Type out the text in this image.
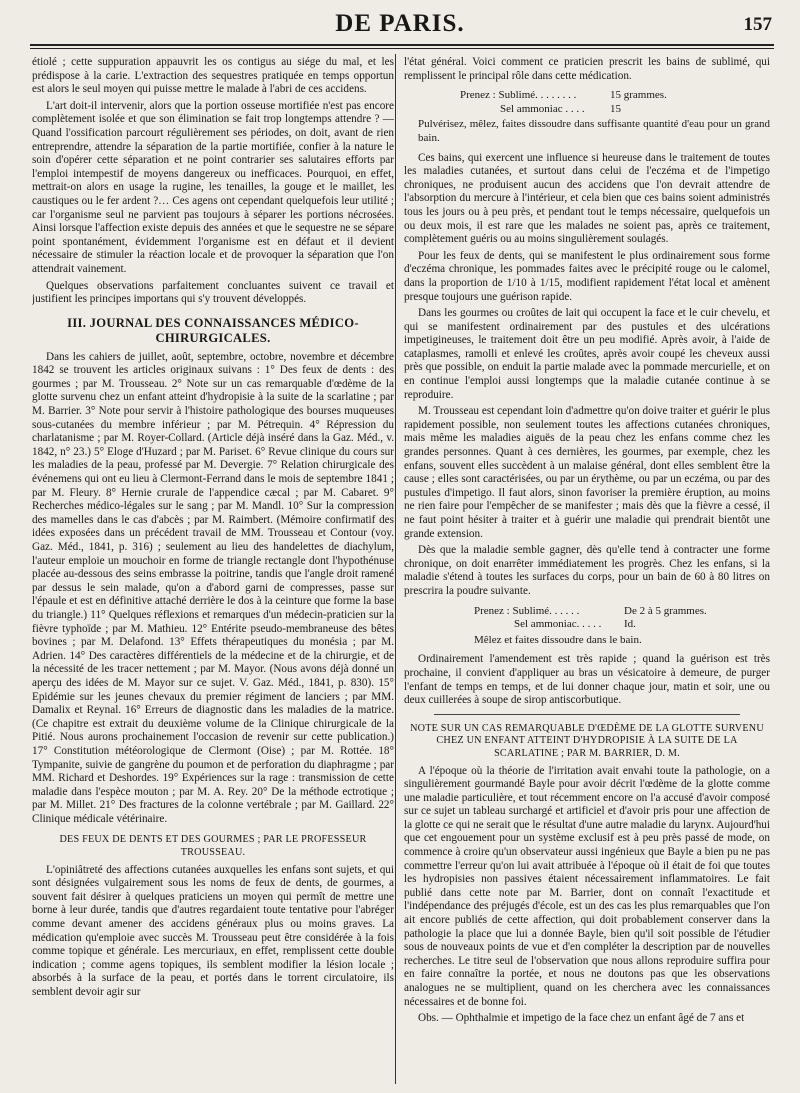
DE PARIS.	157

étiolé ; cette suppuration appauvrit les os contigus au siége du mal, et les prédispose à la carie. L'extraction des sequestres pratiquée en temps opportun est alors le seul moyen qui puisse mettre le malade à l'abri de ces accidens.

L'art doit-il intervenir, alors que la portion osseuse mortifiée n'est pas encore complètement isolée et que son élimination se fait trop longtemps attendre ? — Quand l'ossification parcourt régulièrement ses périodes, on doit, avant de rien entreprendre, attendre la séparation de la partie mortifiée, confier à la nature le soin d'opérer cette séparation et ne point contrarier ses salutaires efforts par l'emploi intempestif de moyens dangereux ou inefficaces. Pourquoi, en effet, mettrait-on alors en usage la rugine, les tenailles, la gouge et le maillet, les caustiques ou le fer ardent ?… Ces agens ont cependant quelquefois leur utilité ; car l'organisme seul ne parvient pas toujours à séparer les portions nécrosées. Ainsi lorsque l'affection existe depuis des années et que le sequestre ne se sépare point spontanément, évidemment l'organisme est en défaut et il devient nécessaire de stimuler la réaction locale et de provoquer la séparation que l'on attendrait vainement.

Quelques observations parfaitement concluantes suivent ce travail et justifient les principes importans qui s'y trouvent développés.

III. JOURNAL DES CONNAISSANCES MÉDICO-CHIRURGICALES.

Dans les cahiers de juillet, août, septembre, octobre, novembre et décembre 1842 se trouvent les articles originaux suivans : 1° Des feux de dents : des gourmes ; par M. Trousseau. 2° Note sur un cas remarquable d'œdème de la glotte survenu chez un enfant atteint d'hydropisie à la suite de la scarlatine ; par M. Barrier. 3° Note pour servir à l'histoire pathologique des bourses muqueuses sous-cutanées du membre inférieur ; par M. Pétrequin. 4° Répression du charlatanisme ; par M. Royer-Collard. (Article déjà inséré dans la Gaz. Méd., v. 1842, n° 23.) 5° Eloge d'Huzard ; par M. Pariset. 6° Revue clinique du cours sur les maladies de la peau, professé par M. Devergie. 7° Relation chirurgicale des événemens qui ont eu lieu à Clermont-Ferrand dans le mois de septembre 1841 ; par M. Fleury. 8° Hernie crurale de l'appendice cæcal ; par M. Cabaret. 9° Recherches médico-légales sur le sang ; par M. Mandl. 10° Sur la compression des mamelles dans le cas d'abcès ; par M. Raimbert. (Mémoire confirmatif des idées exposées dans un précédent travail de MM. Trousseau et Contour (voy. Gaz. Méd., 1841, p. 316) ; seulement au lieu des handelettes de diachylum, l'auteur emploie un mouchoir en forme de triangle rectangle dont l'hypothénuse placée au-dessous des seins embrasse la poitrine, tandis que l'angle droit ramené par dessus le sein malade, qu'on a d'abord garni de compresses, passe sur l'épaule et est en définitive attaché derrière le dos à la ceinture que forme la base du triangle.) 11° Quelques réflexions et remarques d'un médecin-praticien sur la fièvre typhoïde ; par M. Mathieu. 12° Entérite pseudo-membraneuse des bêtes bovines ; par M. Delafond. 13° Effets thérapeutiques du monésia ; par M. Adrien. 14° Des caractères différentiels de la médecine et de la chirurgie, et de la nécessité de les tracer nettement ; par M. Mayor. (Nous avons déjà donné un aperçu des idées de M. Mayor sur ce sujet. V. Gaz. Méd., 1841, p. 830). 15° Epidémie sur les jeunes chevaux du premier régiment de lanciers ; par MM. Damalix et Reynal. 16° Erreurs de diagnostic dans les maladies de la matrice. (Ce chapitre est extrait du deuxième volume de la Clinique chirurgicale de la Pitié. Nous aurons prochainement l'occasion de revenir sur cette publication.) 17° Constitution météorologique de Clermont (Oise) ; par M. Rottée. 18° Tympanite, suivie de gangrène du poumon et de perforation du diaphragme ; par MM. Richard et Deshordes. 19° Expériences sur la rage : transmission de cette maladie dans l'espèce mouton ; par M. A. Rey. 20° De la méthode ectrotique ; par M. Millet. 21° Des fractures de la colonne vertébrale ; par M. Gaillard. 22° Clinique médicale vétérinaire.

DES FEUX DE DENTS ET DES GOURMES ; PAR LE PROFESSEUR TROUSSEAU.

L'opiniâtreté des affections cutanées auxquelles les enfans sont sujets, et qui sont désignées vulgairement sous les noms de feux de dents, de gourmes, a souvent fait désirer à quelques praticiens un moyen qui permît de mettre une borne à leur durée, tandis que d'autres regardaient toute tentative pour l'abréger comme devant amener des accidens généraux plus ou moins graves. La médication qu'emploie avec succès M. Trousseau peut être considérée à la fois comme topique et générale. Les mercuriaux, en effet, remplissent cette double indication ; comme agens topiques, ils semblent modifier la lésion locale ; absorbés à la surface de la peau, et portés dans le torrent circulatoire, ils semblent devoir agir sur

l'état général. Voici comment ce praticien prescrit les bains de sublimé, qui remplissent le principal rôle dans cette médication.

Prenez : Sublimé. . . . . . . .	15 grammes.
Sel ammoniac . . . .	15
Pulvérisez, mêlez, faites dissoudre dans suffisante quantité d'eau pour un grand bain.

Ces bains, qui exercent une influence si heureuse dans le traitement de toutes les maladies cutanées, et surtout dans celui de l'eczéma et de l'impetigo chroniques, ne produisent aucun des accidens que l'on devrait attendre de l'absorption du mercure à l'intérieur, et cela bien que ces bains soient administrés tous les jours ou à peu près, et pendant tout le temps nécessaire, quelquefois un ou deux mois, il est rare que les malades ne soient pas, après ce traitement, complètement guéris ou au moins singulièrement soulagés.

Pour les feux de dents, qui se manifestent le plus ordinairement sous forme d'eczéma chronique, les pommades faites avec le précipité rouge ou le calomel, dans la proportion de 1/10 à 1/15, modifient rapidement l'état local et amènent presque toujours une guérison rapide.

Dans les gourmes ou croûtes de lait qui occupent la face et le cuir chevelu, et qui se manifestent ordinairement par des pustules et des ulcérations impetigineuses, le traitement doit être un peu modifié. Après avoir, à l'aide de cataplasmes, ramolli et enlevé les croûtes, après avoir coupé les cheveux aussi près que possible, on enduit la partie malade avec la pommade mercurielle, et on en continue l'emploi aussi longtemps que la maladie cutanée continue à se reproduire.

M. Trousseau est cependant loin d'admettre qu'on doive traiter et guérir le plus rapidement possible, non seulement toutes les affections cutanées chroniques, mais même les maladies aiguës de la peau chez les enfans comme chez les grandes personnes. Quant à ces dernières, les gourmes, par exemple, chez les enfans, souvent elles succèdent à un malaise général, dont elles semblent être la cause ; elles sont caractérisées, ou par un érythème, ou par un eczéma, ou par des pustules d'impetigo. Il faut alors, sinon favoriser la première éruption, au moins ne rien faire pour l'empêcher de se manifester ; mais dès que la fièvre a cessé, il ne faut point hésiter à traiter et à guérir une maladie qui prendrait bientôt une grande extension.

Dès que la maladie semble gagner, dès qu'elle tend à contracter une forme chronique, on doit enarrêter immédiatement les progrès. Chez les enfans, si la maladie s'étend à toutes les surfaces du corps, pour un bain de 60 à 80 litres on prescrira la poudre suivante.

Prenez : Sublimé. . . . . .	De 2 à 5 grammes.
Sel ammoniac. . . . .	Id.
Mêlez et faites dissoudre dans le bain.

Ordinairement l'amendement est très rapide ; quand la guérison est très prochaine, il convient d'appliquer au bras un vésicatoire à demeure, de purger l'enfant de temps en temps, et de lui donner chaque jour, matin et soir, une ou deux cuillerées à soupe de sirop antiscorbutique.

NOTE SUR UN CAS REMARQUABLE D'ŒDÈME DE LA GLOTTE SURVENU CHEZ UN ENFANT ATTEINT D'HYDROPISIE À LA SUITE DE LA SCARLATINE ; PAR M. BARRIER, D. M.

A l'époque où la théorie de l'irritation avait envahi toute la pathologie, on a singulièrement gourmandé Bayle pour avoir décrit l'œdème de la glotte comme une maladie particulière, et tout récemment encore on l'a accusé d'avoir composé sur ce sujet un tableau surchargé et artificiel et d'avoir pris pour une affection de la glotte ce qui ne serait que le résultat d'une autre maladie du larynx. Aujourd'hui que cet engouement pour un système exclusif est à peu près passé de mode, on commence à croire qu'un observateur aussi ingénieux que Bayle a bien pu ne pas commettre l'erreur qu'on lui avait attribuée à l'époque où il était de foi que toutes les hydropisies non passives étaient nécessairement inflammatoires. Le fait publié dans cette note par M. Barrier, dont on connaît l'exactitude et l'indépendance des préjugés d'école, est un des cas les plus remarquables que l'on ait encore publiés de cette affection, qui doit probablement conserver dans la pathologie la place que lui a donnée Bayle, bien qu'il soit possible de l'étudier sous de nouveaux points de vue et d'en compléter la description par de nouvelles recherches. Le titre seul de l'observation que nous allons reproduire suffira pour en faire connaître la portée, et nous ne doutons pas que les observations analogues ne se multiplient, quand on les cherchera avec les connaissances nécessaires et de bonne foi.

Obs. — Ophthalmie et impetigo de la face chez un enfant âgé de 7 ans et
